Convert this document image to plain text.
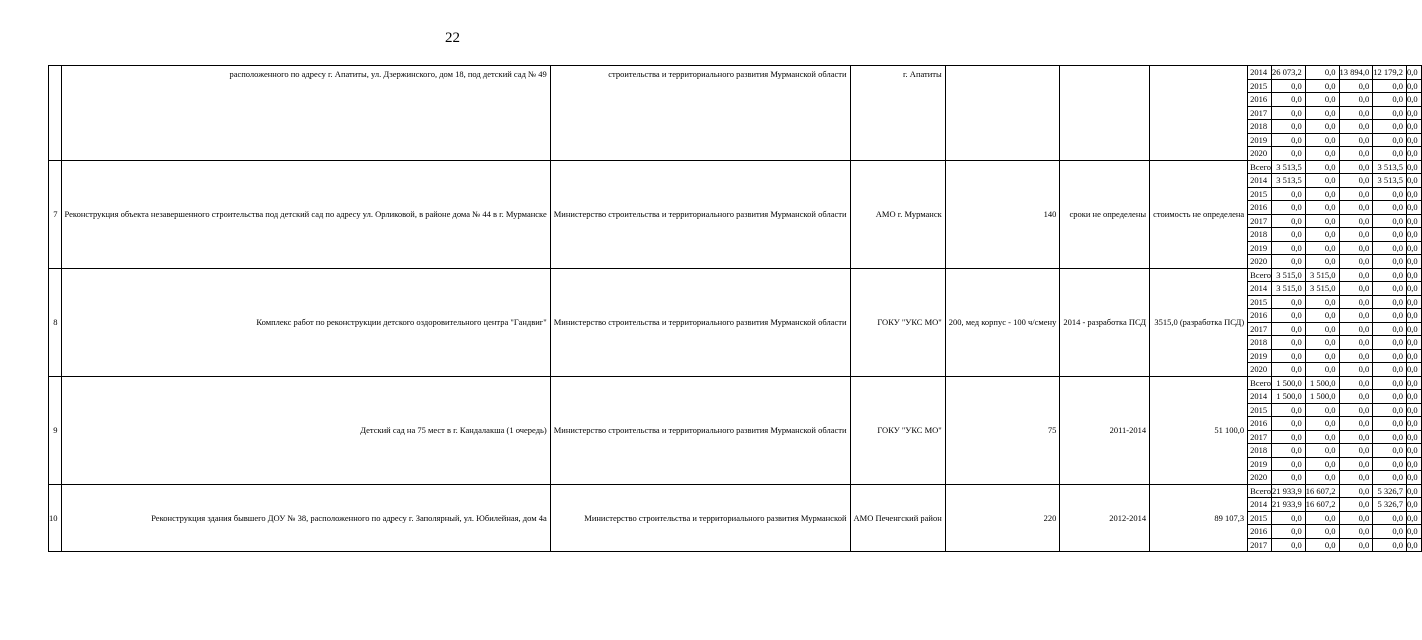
22
	расположенного по адресу г. Апатиты, ул. Дзержинского, дом 18, под детский сад № 49	строительства и территориального развития Мурманской области	г. Апатиты				2014	26 073,2	0,0	13 894,0	12 179,2	0,0
							2015	0,0	0,0	0,0	0,0	0,0
							2016	0,0	0,0	0,0	0,0	0,0
							2017	0,0	0,0	0,0	0,0	0,0
							2018	0,0	0,0	0,0	0,0	0,0
							2019	0,0	0,0	0,0	0,0	0,0
							2020	0,0	0,0	0,0	0,0	0,0
7	Реконструкция объекта незавершенного строительства под детский сад по адресу ул. Орликовой, в районе дома № 44 в г. Мурманске	Министерство строительства и территориального развития Мурманской области	АМО г. Мурманск	140	сроки не определены	стоимость не определена	Всего	3 513,5	0,0	0,0	3 513,5	0,0
							2014	3 513,5	0,0	0,0	3 513,5	0,0
							2015	0,0	0,0	0,0	0,0	0,0
							2016	0,0	0,0	0,0	0,0	0,0
							2017	0,0	0,0	0,0	0,0	0,0
							2018	0,0	0,0	0,0	0,0	0,0
							2019	0,0	0,0	0,0	0,0	0,0
							2020	0,0	0,0	0,0	0,0	0,0
8	Комплекс работ по реконструкции детского оздоровительного центра "Гандвиг"	Министерство строительства и территориального развития Мурманской области	ГОКУ "УКС МО"	200, мед корпус - 100 ч/смену	2014 - разработка ПСД	3515,0 (разработка ПСД)	Всего	3 515,0	3 515,0	0,0	0,0	0,0
							2014	3 515,0	3 515,0	0,0	0,0	0,0
							2015	0,0	0,0	0,0	0,0	0,0
							2016	0,0	0,0	0,0	0,0	0,0
							2017	0,0	0,0	0,0	0,0	0,0
							2018	0,0	0,0	0,0	0,0	0,0
							2019	0,0	0,0	0,0	0,0	0,0
							2020	0,0	0,0	0,0	0,0	0,0
9	Детский сад на 75 мест в г. Кандалакша (1 очередь)	Министерство строительства и территориального развития Мурманской области	ГОКУ "УКС МО"	75	2011-2014	51 100,0	Всего	1 500,0	1 500,0	0,0	0,0	0,0
							2014	1 500,0	1 500,0	0,0	0,0	0,0
							2015	0,0	0,0	0,0	0,0	0,0
							2016	0,0	0,0	0,0	0,0	0,0
							2017	0,0	0,0	0,0	0,0	0,0
							2018	0,0	0,0	0,0	0,0	0,0
							2019	0,0	0,0	0,0	0,0	0,0
							2020	0,0	0,0	0,0	0,0	0,0
10	Реконструкция здания бывшего ДОУ № 38, расположенного по адресу г. Заполярный, ул. Юбилейная, дом 4а	Министерство строительства и территориального развития Мурманской	АМО Печенгский район	220	2012-2014	89 107,3	Всего	21 933,9	16 607,2	0,0	5 326,7	0,0
							2014	21 933,9	16 607,2	0,0	5 326,7	0,0
							2015	0,0	0,0	0,0	0,0	0,0
							2016	0,0	0,0	0,0	0,0	0,0
							2017	0,0	0,0	0,0	0,0	0,0
